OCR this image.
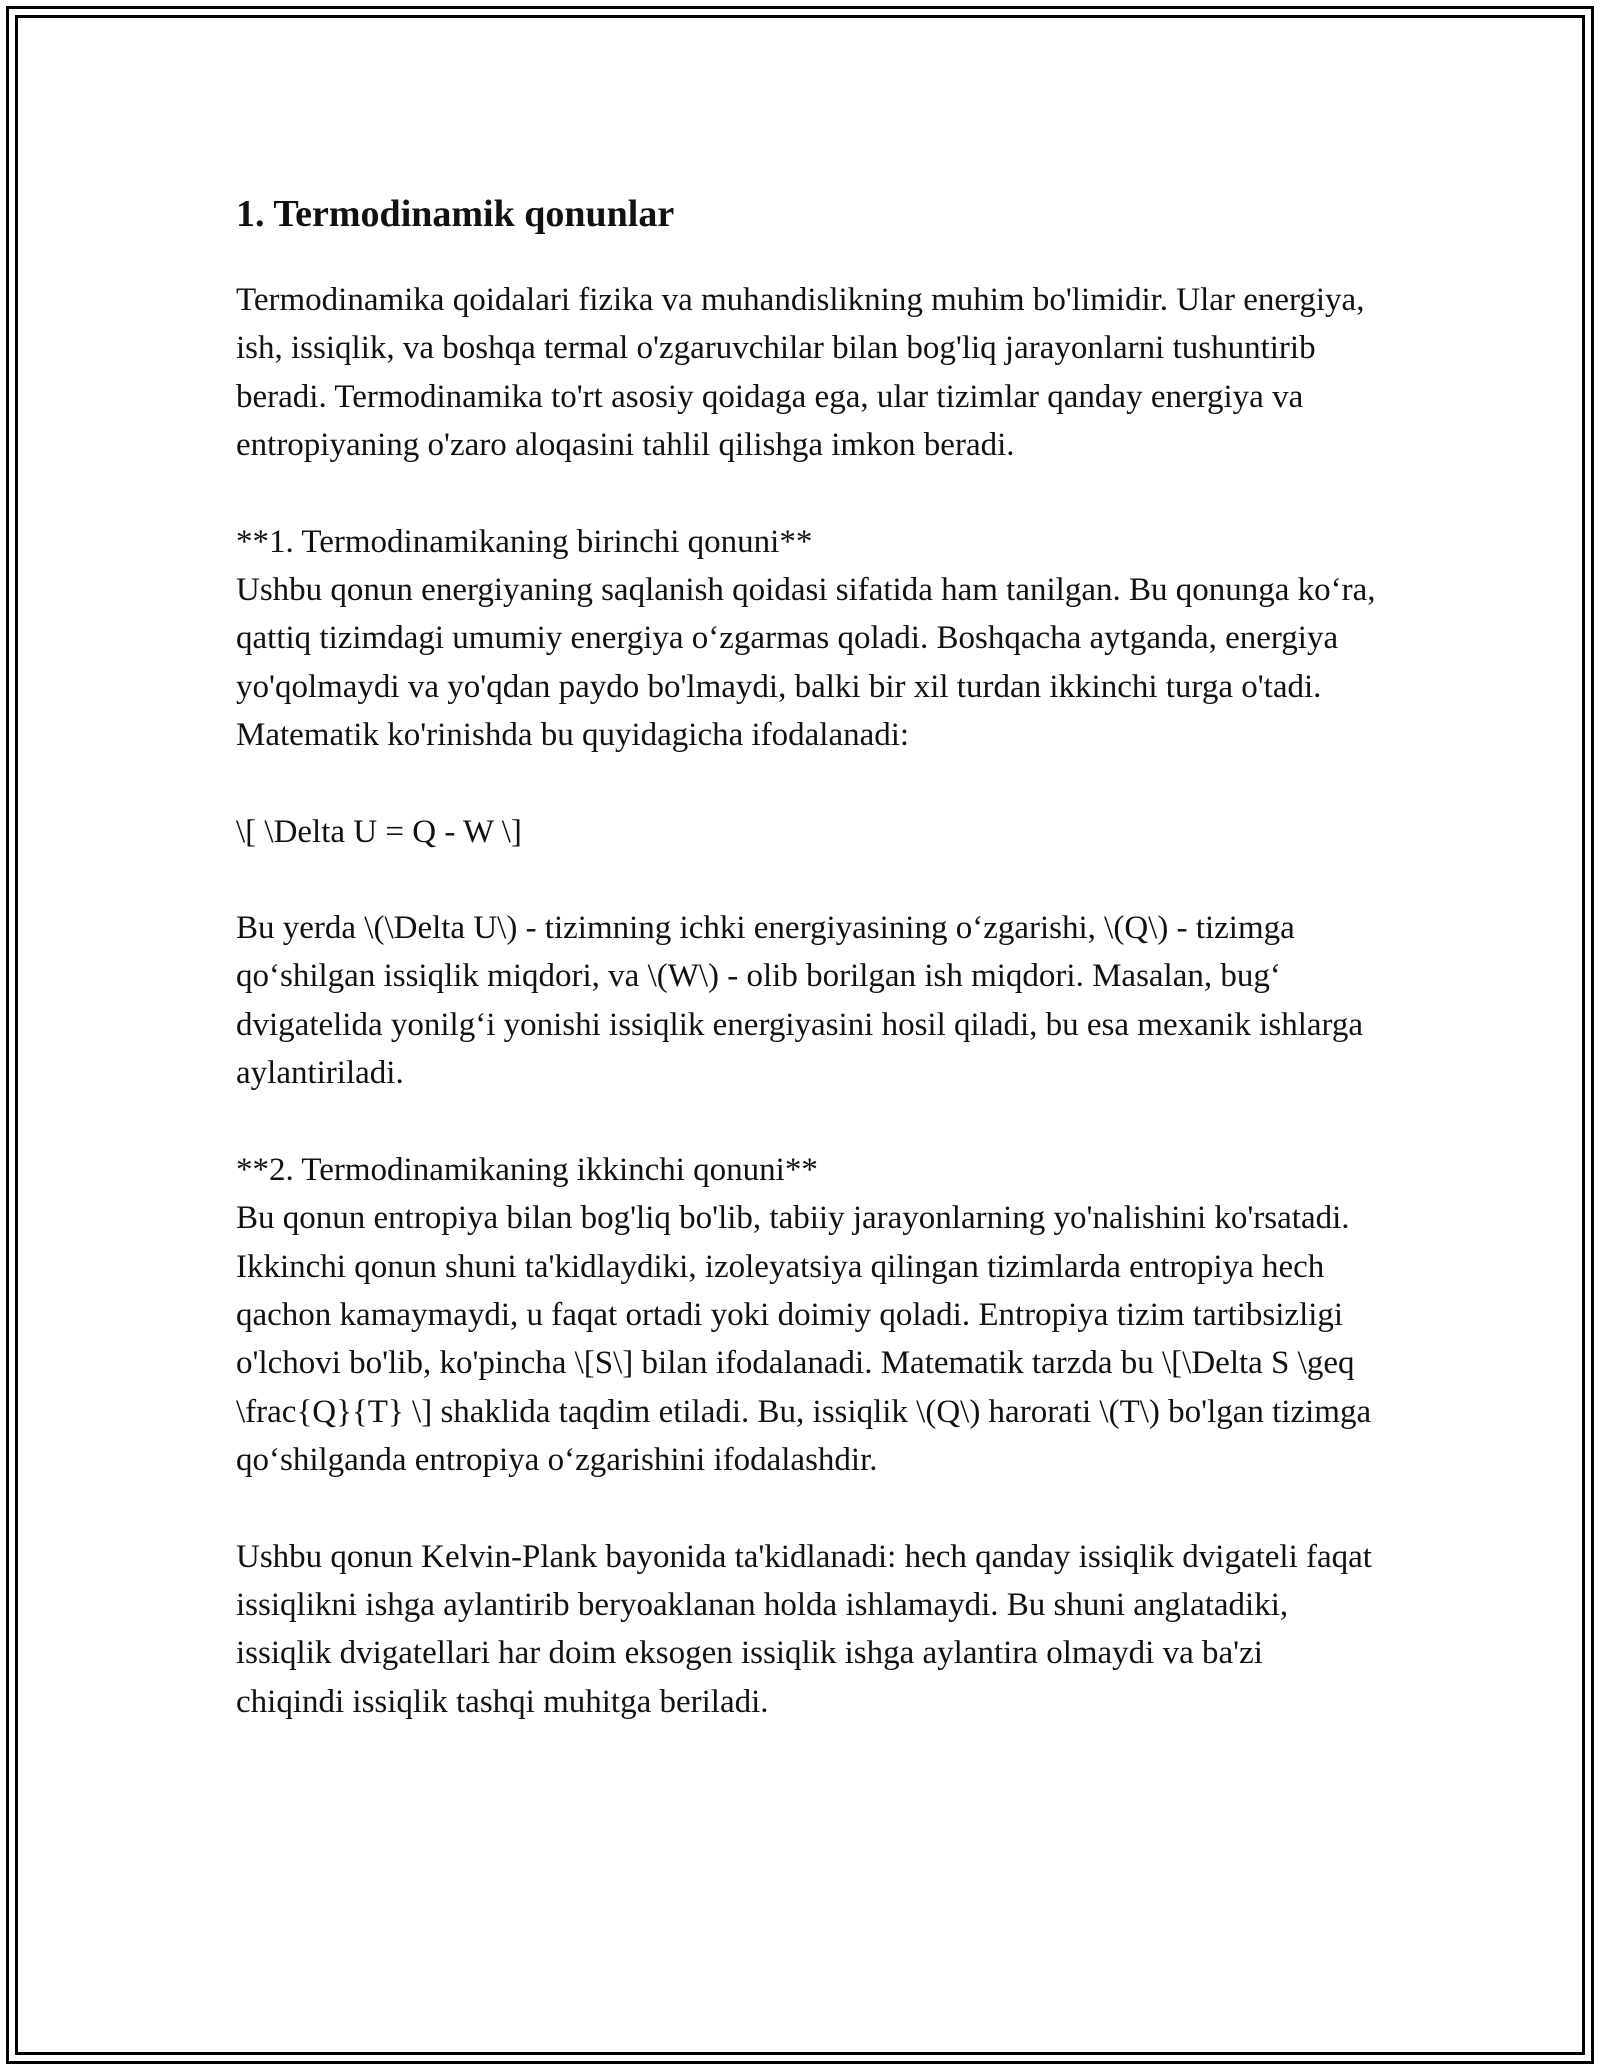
1. Termodinamik qonunlar

Termodinamika qoidalari fizika va muhandislikning muhim bo'limidir. Ular energiya, ish, issiqlik, va boshqa termal o'zgaruvchilar bilan bog'liq jarayonlarni tushuntirib beradi. Termodinamika to'rt asosiy qoidaga ega, ular tizimlar qanday energiya va entropiyaning o'zaro aloqasini tahlil qilishga imkon beradi.

**1. Termodinamikaning birinchi qonuni**
Ushbu qonun energiyaning saqlanish qoidasi sifatida ham tanilgan. Bu qonunga ko‘ra, qattiq tizimdagi umumiy energiya o‘zgarmas qoladi. Boshqacha aytganda, energiya yo'qolmaydi va yo'qdan paydo bo'lmaydi, balki bir xil turdan ikkinchi turga o'tadi. Matematik ko'rinishda bu quyidagicha ifodalanadi:

\[ \Delta U = Q - W \]

Bu yerda \(\Delta U\) - tizimning ichki energiyasining o‘zgarishi, \(Q\) - tizimga qo‘shilgan issiqlik miqdori, va \(W\) - olib borilgan ish miqdori. Masalan, bug‘ dvigatelida yonilg‘i yonishi issiqlik energiyasini hosil qiladi, bu esa mexanik ishlarga aylantiriladi.

**2. Termodinamikaning ikkinchi qonuni**
Bu qonun entropiya bilan bog'liq bo'lib, tabiiy jarayonlarning yo'nalishini ko'rsatadi. Ikkinchi qonun shuni ta'kidlaydiki, izoleyatsiya qilingan tizimlarda entropiya hech qachon kamaymaydi, u faqat ortadi yoki doimiy qoladi. Entropiya tizim tartibsizligi o'lchovi bo'lib, ko'pincha \[S\] bilan ifodalanadi. Matematik tarzda bu \[\Delta S \geq \frac{Q}{T} \] shaklida taqdim etiladi. Bu, issiqlik \(Q\) harorati \(T\) bo'lgan tizimga qo‘shilganda entropiya o‘zgarishini ifodalashdir.

Ushbu qonun Kelvin-Plank bayonida ta'kidlanadi: hech qanday issiqlik dvigateli faqat issiqlikni ishga aylantirib beryoaklanan holda ishlamaydi. Bu shuni anglatadiki, issiqlik dvigatellari har doim eksogen issiqlik ishga aylantira olmaydi va ba'zi chiqindi issiqlik tashqi muhitga beriladi.
